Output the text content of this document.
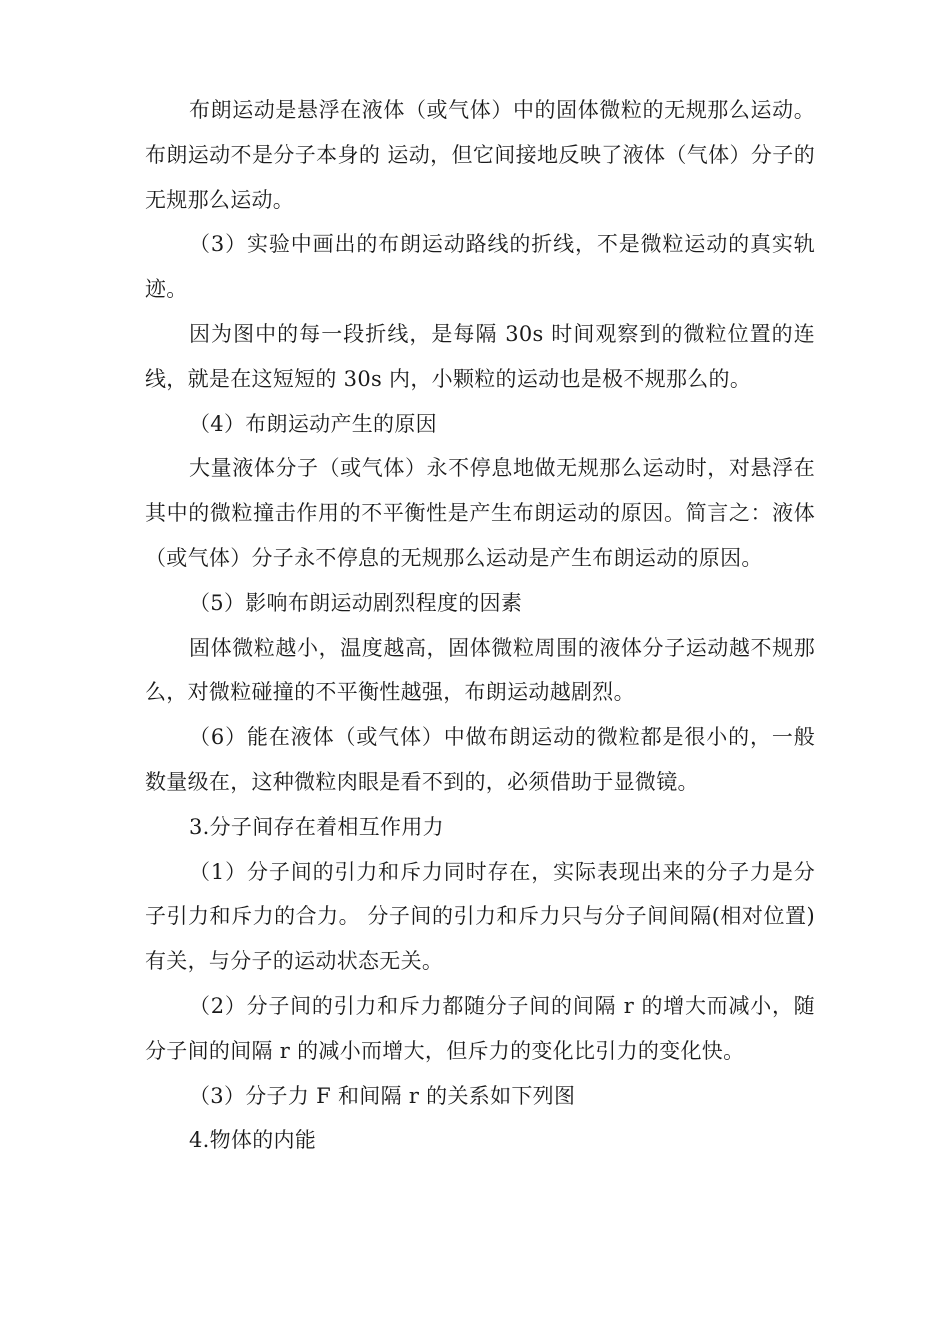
布朗运动是悬浮在液体（或气体）中的固体微粒的无规那么运动。布朗运动不是分子本身的 运动，但它间接地反映了液体（气体）分子的无规那么运动。

（3）实验中画出的布朗运动路线的折线，不是微粒运动的真实轨迹。

因为图中的每一段折线，是每隔 30s 时间观察到的微粒位置的连线，就是在这短短的 30s 内，小颗粒的运动也是极不规那么的。

（4）布朗运动产生的原因

大量液体分子（或气体）永不停息地做无规那么运动时，对悬浮在其中的微粒撞击作用的不平衡性是产生布朗运动的原因。简言之：液体（或气体）分子永不停息的无规那么运动是产生布朗运动的原因。

（5）影响布朗运动剧烈程度的因素

固体微粒越小，温度越高，固体微粒周围的液体分子运动越不规那么，对微粒碰撞的不平衡性越强，布朗运动越剧烈。

（6）能在液体（或气体）中做布朗运动的微粒都是很小的，一般数量级在，这种微粒肉眼是看不到的，必须借助于显微镜。

3.分子间存在着相互作用力

（1）分子间的引力和斥力同时存在，实际表现出来的分子力是分子引力和斥力的合力。 分子间的引力和斥力只与分子间间隔(相对位置)有关，与分子的运动状态无关。

（2）分子间的引力和斥力都随分子间的间隔 r 的增大而减小，随分子间的间隔 r 的减小而增大，但斥力的变化比引力的变化快。

（3）分子力 F 和间隔 r 的关系如下列图

4.物体的内能
